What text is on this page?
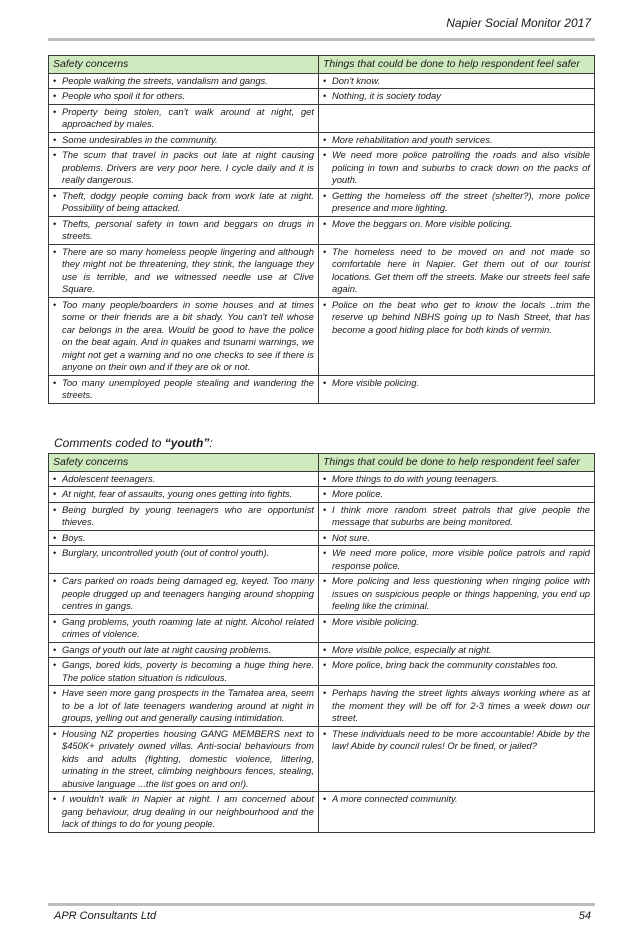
Napier Social Monitor 2017
Safety concerns	Things that could be done to help respondent feel safer

• People walking the streets, vandalism and gangs.	• Don't know.

• People who spoil it for others.	• Nothing, it is society today

• Property being stolen, can't walk around at night, get approached by males.

• Some undesirables in the community.	• More rehabilitation and youth services.

• The scum that travel in packs out late at night causing problems. Drivers are very poor here. I cycle daily and it is really dangerous.	• We need more police patrolling the roads and also visible policing in town and suburbs to crack down on the packs of youth.

• Theft, dodgy people coming back from work late at night. Possibility of being attacked.	• Getting the homeless off the street (shelter?), more police presence and more lighting.

• Thefts, personal safety in town and beggars on drugs in streets.	• Move the beggars on. More visible policing.

• There are so many homeless people lingering and although they might not be threatening, they stink, the language they use is terrible, and we witnessed needle use at Clive Square.	• The homeless need to be moved on and not made so comfortable here in Napier. Get them out of our tourist locations. Get them off the streets. Make our streets feel safe again.

• Too many people/boarders in some houses and at times some or their friends are a bit shady. You can't tell whose car belongs in the area. Would be good to have the police on the beat again. And in quakes and tsunami warnings, we might not get a warning and no one checks to see if there is anyone on their own and if they are ok or not.	• Police on the beat who get to know the locals ..trim the reserve up behind NBHS going up to Nash Street, that has become a good hiding place for both kinds of vermin.

• Too many unemployed people stealing and wandering the streets.	• More visible policing.
Comments coded to “youth”:
Safety concerns	Things that could be done to help respondent feel safer

• Adolescent teenagers.	• More things to do with young teenagers.

• At night, fear of assaults, young ones getting into fights.	• More police.

• Being burgled by young teenagers who are opportunist thieves.	• I think more random street patrols that give people the message that suburbs are being monitored.

• Boys.	• Not sure.

• Burglary, uncontrolled youth (out of control youth).	• We need more police, more visible police patrols and rapid response police.

• Cars parked on roads being damaged eg, keyed. Too many people drugged up and teenagers hanging around shopping centres in gangs.	• More policing and less questioning when ringing police with issues on suspicious people or things happening, you end up feeling like the criminal.

• Gang problems, youth roaming late at night. Alcohol related crimes of violence.	• More visible policing.

• Gangs of youth out late at night causing problems.	• More visible police, especially at night.

• Gangs, bored kids, poverty is becoming a huge thing here. The police station situation is ridiculous.	• More police, bring back the community constables too.

• Have seen more gang prospects in the Tamatea area, seem to be a lot of late teenagers wandering around at night in groups, yelling out and generally causing intimidation.	• Perhaps having the street lights always working where as at the moment they will be off for 2-3 times a week down our street.

• Housing NZ properties housing GANG MEMBERS next to $450K+ privately owned villas. Anti-social behaviours from kids and adults (fighting, domestic violence, littering, urinating in the street, climbing neighbours fences, stealing, abusive language ...the list goes on and on!).	• These individuals need to be more accountable! Abide by the law! Abide by council rules! Or be fined, or jailed?

• I wouldn't walk in Napier at night. I am concerned about gang behaviour, drug dealing in our neighbourhood and the lack of things to do for young people.	• A more connected community.
APR Consultants Ltd	54
